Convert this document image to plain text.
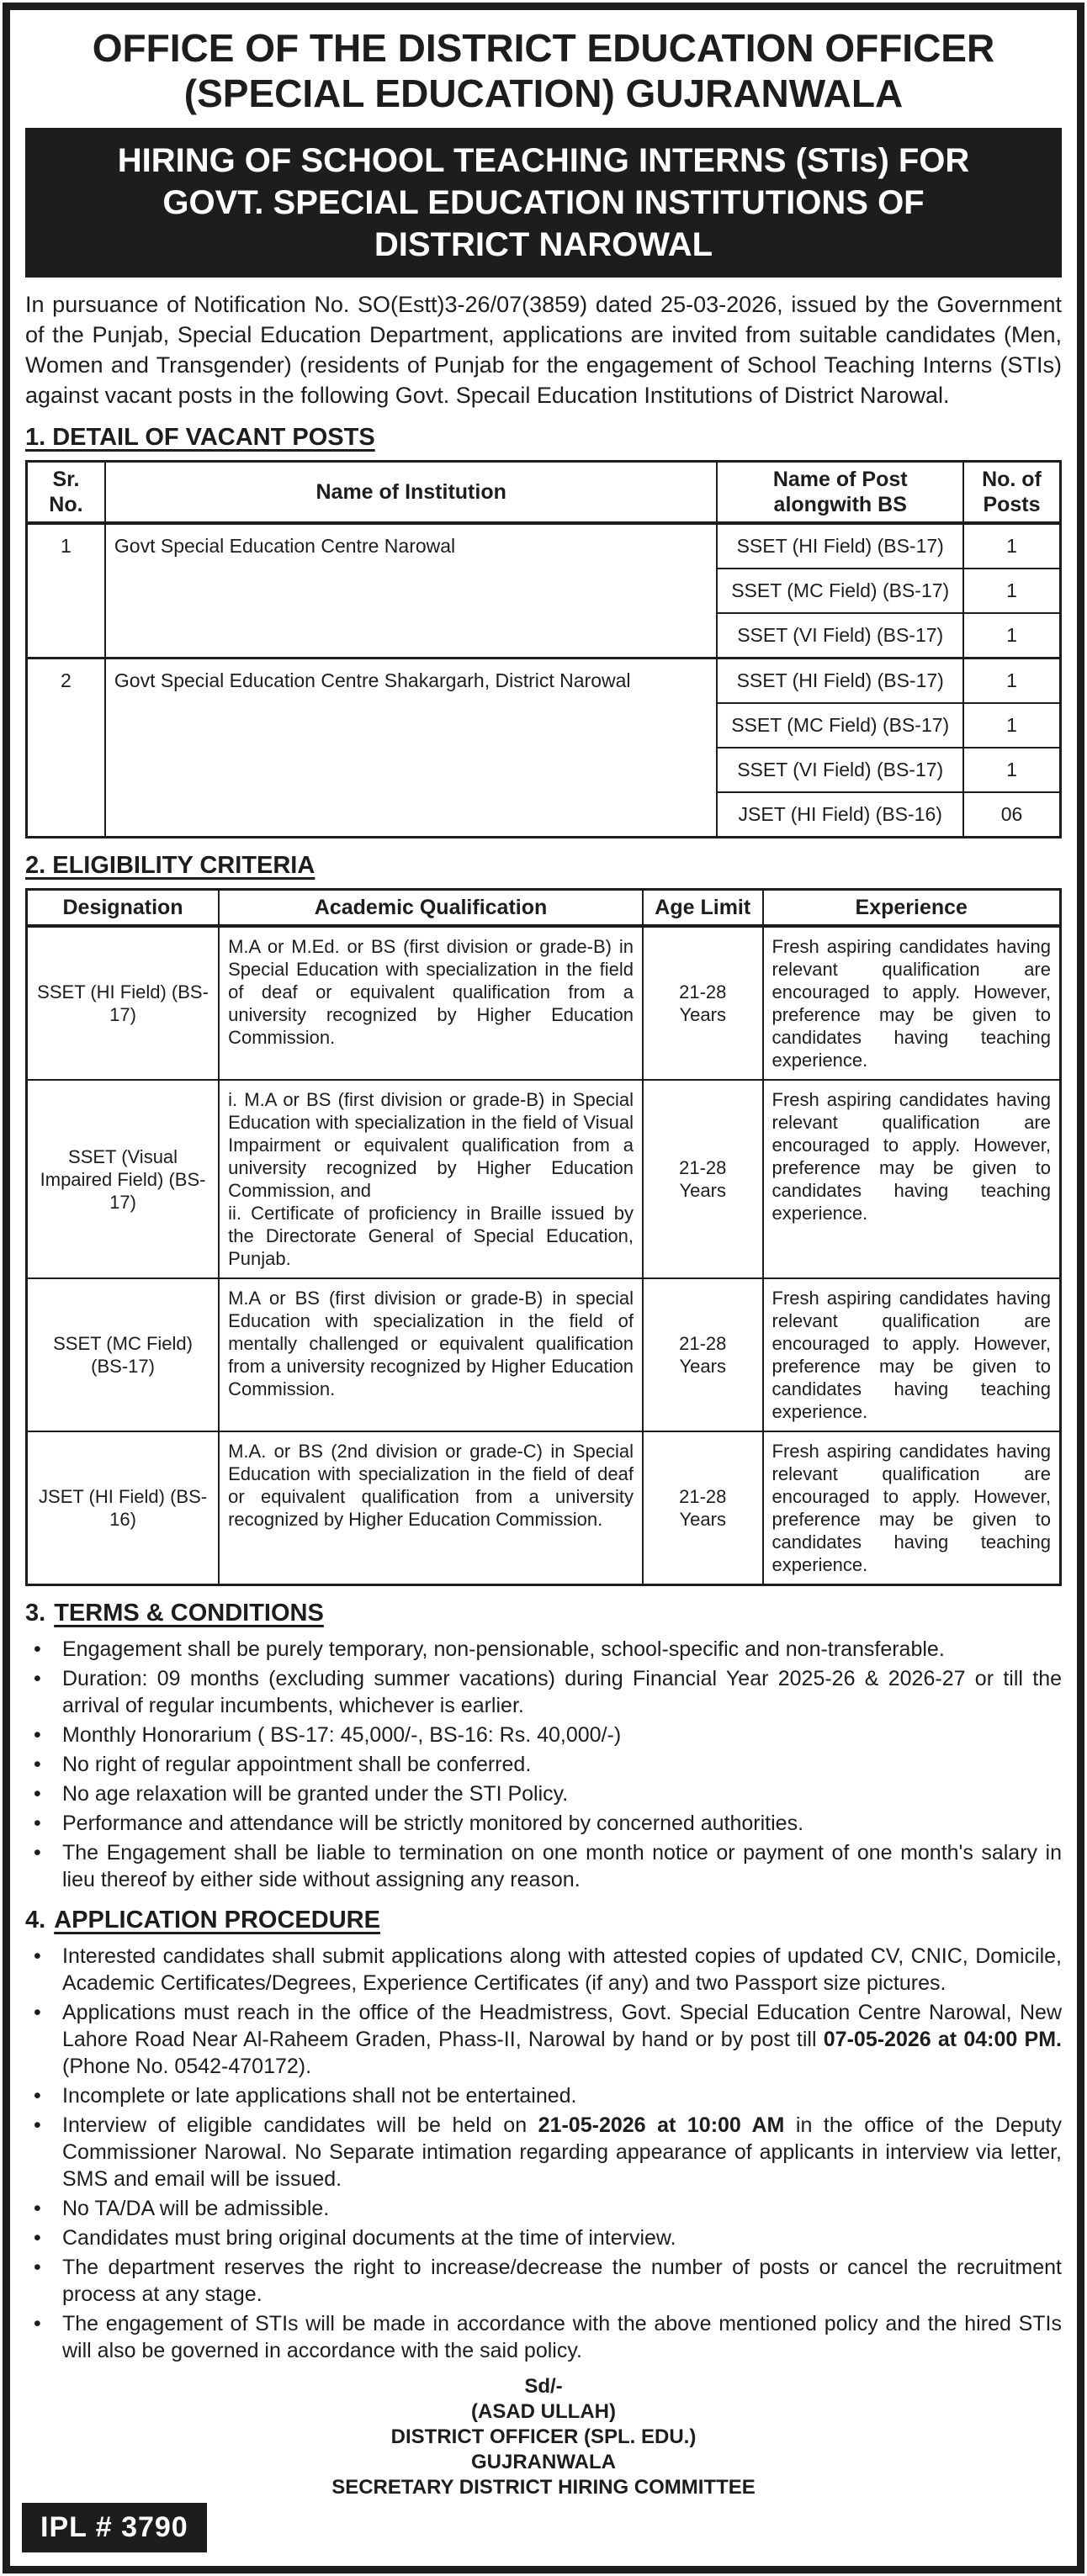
OFFICE OF THE DISTRICT EDUCATION OFFICER
(SPECIAL EDUCATION) GUJRANWALA
HIRING OF SCHOOL TEACHING INTERNS (STIs) FOR
GOVT. SPECIAL EDUCATION INSTITUTIONS OF
DISTRICT NAROWAL

In pursuance of Notification No. SO(Estt)3-26/07(3859) dated 25-03-2026, issued by the Government of the Punjab, Special Education Department, applications are invited from suitable candidates (Men, Women and Transgender) (residents of Punjab for the engagement of School Teaching Interns (STIs) against vacant posts in the following Govt. Specail Education Institutions of District Narowal.

1. DETAIL OF VACANT POSTS
Sr. No.	Name of Institution	Name of Post alongwith BS	No. of Posts
1	Govt Special Education Centre Narowal	SSET (HI Field) (BS-17)	1
		SSET (MC Field) (BS-17)	1
		SSET (VI Field) (BS-17)	1
2	Govt Special Education Centre Shakargarh, District Narowal	SSET (HI Field) (BS-17)	1
		SSET (MC Field) (BS-17)	1
		SSET (VI Field) (BS-17)	1
		JSET (HI Field) (BS-16)	06
2. ELIGIBILITY CRITERIA
Designation	Academic Qualification	Age Limit	Experience
SSET (HI Field) (BS-17)	M.A or M.Ed. or BS (first division or grade-B) in Special Education with specialization in the field of deaf or equivalent qualification from a university recognized by Higher Education Commission.	21-28 Years	Fresh aspiring candidates having relevant qualification are encouraged to apply. However, preference may be given to candidates having teaching experience.
SSET (Visual Impaired Field) (BS-17)	i. M.A or BS (first division or grade-B) in Special Education with specialization in the field of Visual Impairment or equivalent qualification from a university recognized by Higher Education Commission, and
ii. Certificate of proficiency in Braille issued by the Directorate General of Special Education, Punjab.	21-28 Years	Fresh aspiring candidates having relevant qualification are encouraged to apply. However, preference may be given to candidates having teaching experience.
SSET (MC Field) (BS-17)	M.A or BS (first division or grade-B) in special Education with specialization in the field of mentally challenged or equivalent qualification from a university recognized by Higher Education Commission.	21-28 Years	Fresh aspiring candidates having relevant qualification are encouraged to apply. However, preference may be given to candidates having teaching experience.
JSET (HI Field) (BS-16)	M.A. or BS (2nd division or grade-C) in Special Education with specialization in the field of deaf or equivalent qualification from a university recognized by Higher Education Commission.	21-28 Years	Fresh aspiring candidates having relevant qualification are encouraged to apply. However, preference may be given to candidates having teaching experience.
3. TERMS & CONDITIONS
•	Engagement shall be purely temporary, non-pensionable, school-specific and non-transferable.
•	Duration: 09 months (excluding summer vacations) during Financial Year 2025-26 & 2026-27 or till the arrival of regular incumbents, whichever is earlier.
•	Monthly Honorarium ( BS-17: 45,000/-, BS-16: Rs. 40,000/-)
•	No right of regular appointment shall be conferred.
•	No age relaxation will be granted under the STI Policy.
•	Performance and attendance will be strictly monitored by concerned authorities.
•	The Engagement shall be liable to termination on one month notice or payment of one month's salary in lieu thereof by either side without assigning any reason.
4. APPLICATION PROCEDURE
•	Interested candidates shall submit applications along with attested copies of updated CV, CNIC, Domicile, Academic Certificates/Degrees, Experience Certificates (if any) and two Passport size pictures.
•	Applications must reach in the office of the Headmistress, Govt. Special Education Centre Narowal, New Lahore Road Near Al-Raheem Graden, Phass-II, Narowal by hand or by post till 07-05-2026 at 04:00 PM. (Phone No. 0542-470172).
•	Incomplete or late applications shall not be entertained.
•	Interview of eligible candidates will be held on 21-05-2026 at 10:00 AM in the office of the Deputy Commissioner Narowal. No Separate intimation regarding appearance of applicants in interview via letter, SMS and email will be issued.
•	No TA/DA will be admissible.
•	Candidates must bring original documents at the time of interview.
•	The department reserves the right to increase/decrease the number of posts or cancel the recruitment process at any stage.
•	The engagement of STIs will be made in accordance with the above mentioned policy and the hired STIs will also be governed in accordance with the said policy.
Sd/-
(ASAD ULLAH)
DISTRICT OFFICER (SPL. EDU.)
GUJRANWALA
SECRETARY DISTRICT HIRING COMMITTEE
IPL # 3790
